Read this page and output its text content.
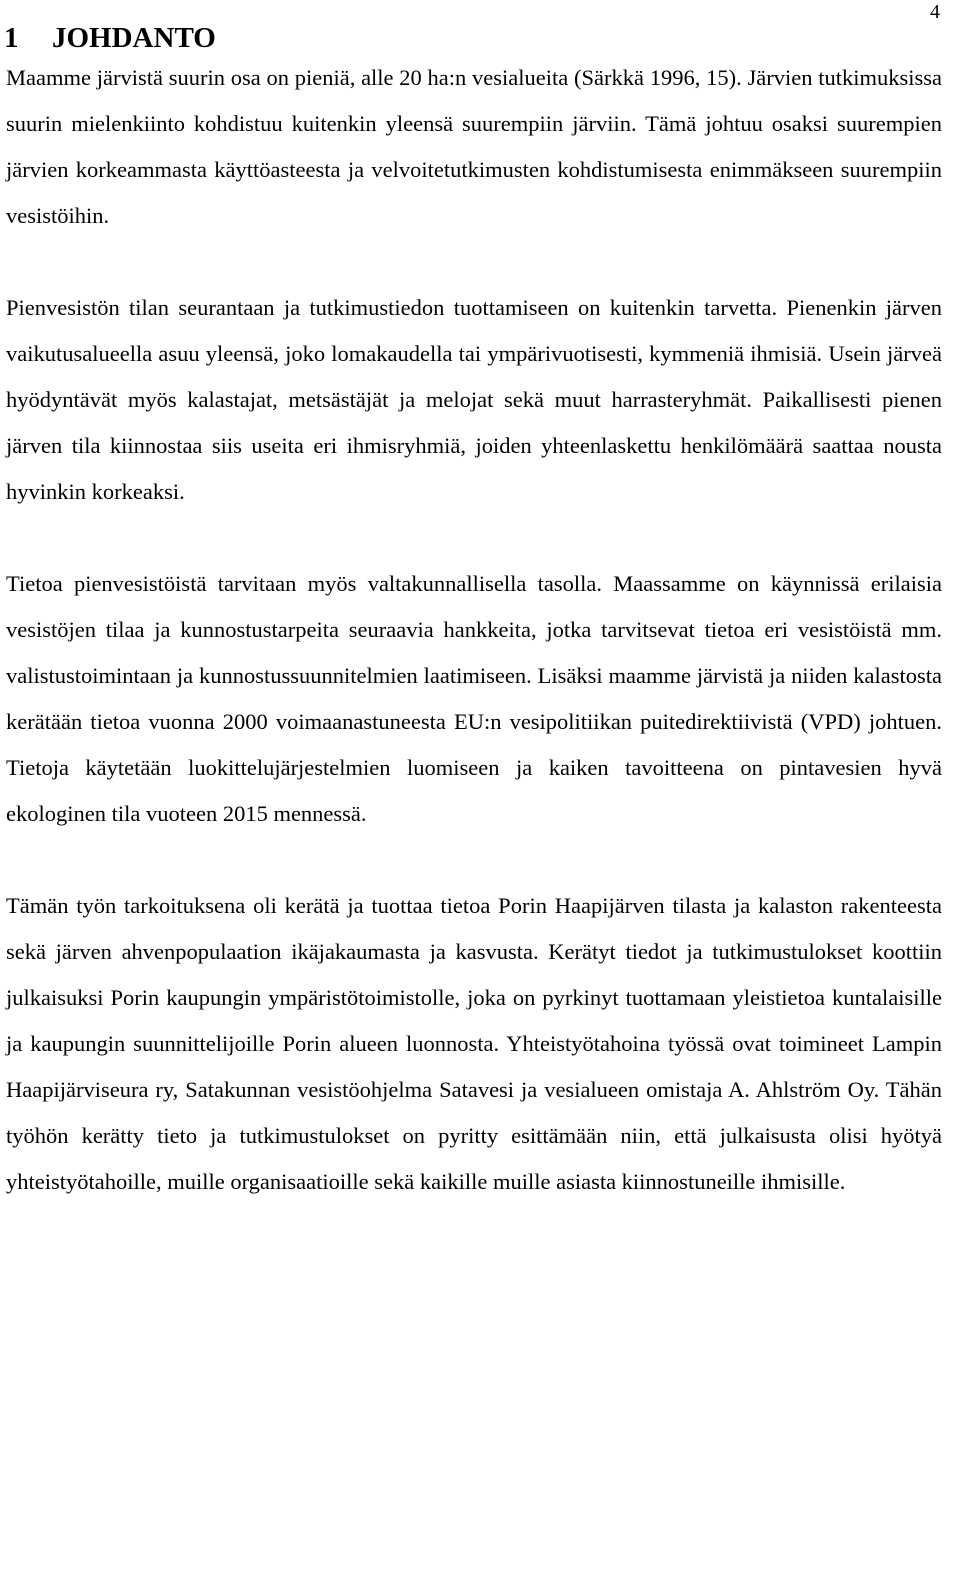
4
1 JOHDANTO

Maamme järvistä suurin osa on pieniä, alle 20 ha:n vesialueita (Särkkä 1996, 15). Järvien tutkimuksissa suurin mielenkiinto kohdistuu kuitenkin yleensä suurempiin järviin. Tämä johtuu osaksi suurempien järvien korkeammasta käyttöasteesta ja velvoitetutkimusten kohdistumisesta enimmäkseen suurempiin vesistöihin.

Pienvesistön tilan seurantaan ja tutkimustiedon tuottamiseen on kuitenkin tarvetta. Pienenkin järven vaikutusalueella asuu yleensä, joko lomakaudella tai ympärivuotisesti, kymmeniä ihmisiä. Usein järveä hyödyntävät myös kalastajat, metsästäjät ja melojat sekä muut harrasteryhmät. Paikallisesti pienen järven tila kiinnostaa siis useita eri ihmisryhmiä, joiden yhteenlaskettu henkilömäärä saattaa nousta hyvinkin korkeaksi.

Tietoa pienvesistöistä tarvitaan myös valtakunnallisella tasolla. Maassamme on käynnissä erilaisia vesistöjen tilaa ja kunnostustarpeita seuraavia hankkeita, jotka tarvitsevat tietoa eri vesistöistä mm. valistustoimintaan ja kunnostussuunnitelmien laatimiseen. Lisäksi maamme järvistä ja niiden kalastosta kerätään tietoa vuonna 2000 voimaanastuneesta EU:n vesipolitiikan puitedirektiivistä (VPD) johtuen. Tietoja käytetään luokittelujärjestelmien luomiseen ja kaiken tavoitteena on pintavesien hyvä ekologinen tila vuoteen 2015 mennessä.

Tämän työn tarkoituksena oli kerätä ja tuottaa tietoa Porin Haapijärven tilasta ja kalaston rakenteesta sekä järven ahvenpopulaation ikäjakaumasta ja kasvusta. Kerätyt tiedot ja tutkimustulokset koottiin julkaisuksi Porin kaupungin ympäristötoimistolle, joka on pyrkinyt tuottamaan yleistietoa kuntalaisille ja kaupungin suunnittelijoille Porin alueen luonnosta. Yhteistyötahoina työssä ovat toimineet Lampin Haapijärviseura ry, Satakunnan vesistöohjelma Satavesi ja vesialueen omistaja A. Ahlström Oy. Tähän työhön kerätty tieto ja tutkimustulokset on pyritty esittämään niin, että julkaisusta olisi hyötyä yhteistyötahoille, muille organisaatioille sekä kaikille muille asiasta kiinnostuneille ihmisille.
